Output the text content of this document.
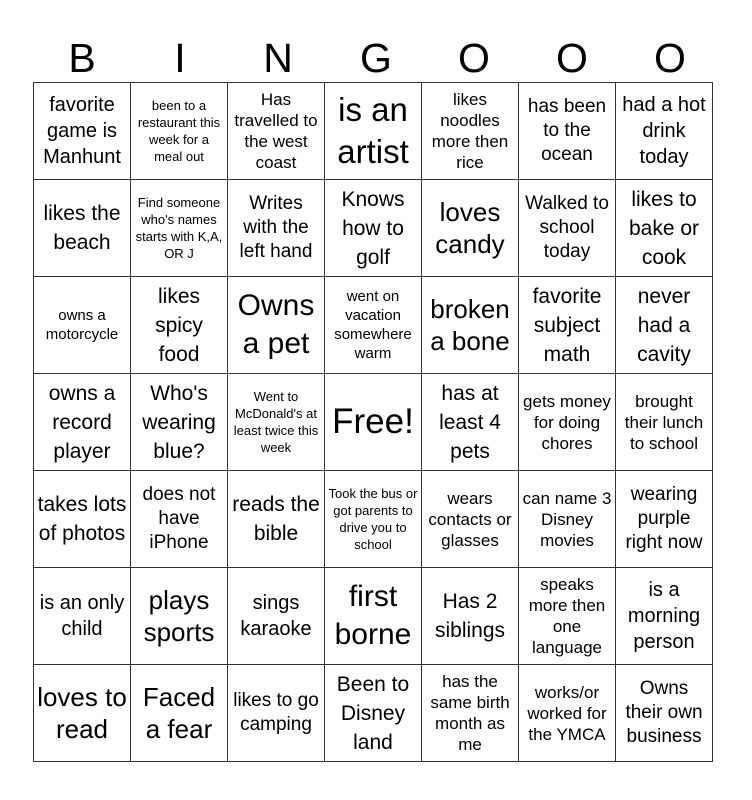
B	I	N	G	O	O	O
favorite game is Manhunt	been to a restaurant this week for a meal out	Has travelled to the west coast	is an artist	likes noodles more then rice	has been to the ocean	had a hot drink today

likes the beach	Find someone who's names starts with K,A, OR J	Writes with the left hand	Knows how to golf	loves candy	Walked to school today	likes to bake or cook

owns a motorcycle	likes spicy food	Owns a pet	went on vacation somewhere warm	broken a bone	favorite subject math	never had a cavity

owns a record player	Who's wearing blue?	Went to McDonald's at least twice this week	Free!	has at least 4 pets	gets money for doing chores	brought their lunch to school

takes lots of photos	does not have iPhone	reads the bible	Took the bus or got parents to drive you to school	wears contacts or glasses	can name 3 Disney movies	wearing purple right now

is an only child	plays sports	sings karaoke	first borne	Has 2 siblings	speaks more then one language	is a morning person

loves to read	Faced a fear	likes to go camping	Been to Disney land	has the same birth month as me	works/or worked for the YMCA	Owns their own business
